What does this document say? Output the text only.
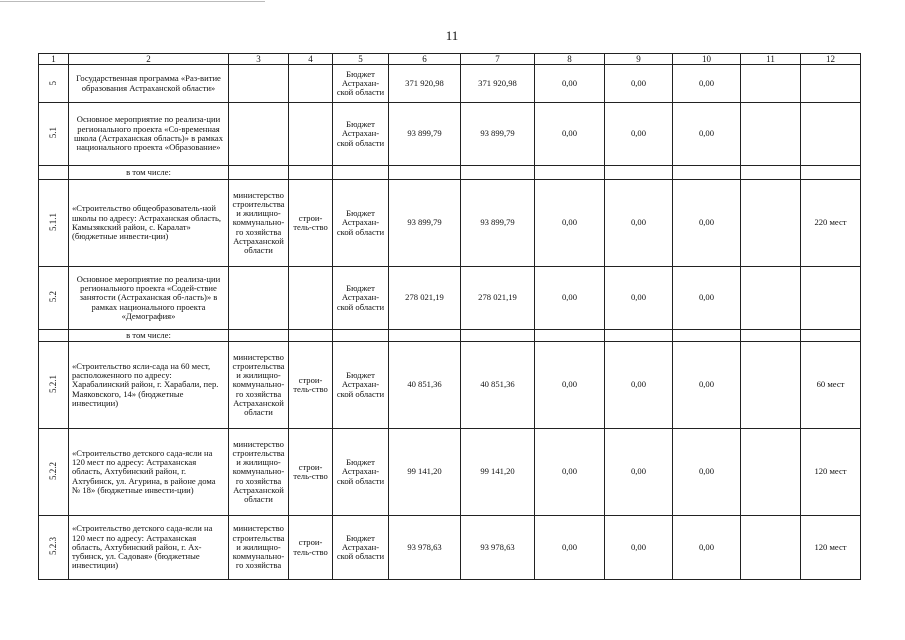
11
1	2	3	4	5	6	7	8	9	10	11	12
5	Государственная программа «Раз-витие образования Астраханской области»			Бюджет Астрахан-ской области	371 920,98	371 920,98	0,00	0,00	0,00		
5.1	Основное мероприятие по реализа-ции регионального проекта «Со-временная школа (Астраханская область)» в рамках национального проекта «Образование»			Бюджет Астрахан-ской области	93 899,79	93 899,79	0,00	0,00	0,00		
	в том числе:										
5.1.1	«Строительство общеобразователь-ной школы по адресу: Астраханская область, Камызякский район, с. Каралат» (бюджетные инвести-ции)	министерство строительства и жилищно-коммунально-го хозяйства Астраханской области	строи-тель-ство	Бюджет Астрахан-ской области	93 899,79	93 899,79	0,00	0,00	0,00		220 мест
5.2	Основное мероприятие по реализа-ции регионального проекта «Содей-ствие занятости (Астраханская об-ласть)» в рамках национального проекта «Демография»			Бюджет Астрахан-ской области	278 021,19	278 021,19	0,00	0,00	0,00		
	в том числе:										
5.2.1	«Строительство ясли-сада на 60 мест, расположенного по адресу: Харабалинский район, г. Харабали, пер. Маяковского, 14» (бюджетные инвестиции)	министерство строительства и жилищно-коммунально-го хозяйства Астраханской области	строи-тель-ство	Бюджет Астрахан-ской области	40 851,36	40 851,36	0,00	0,00	0,00		60 мест
5.2.2	«Строительство детского сада-ясли на 120 мест по адресу: Астраханская область, Ахтубинский район, г. Ахтубинск, ул. Агурина, в районе дома № 18» (бюджетные инвести-ции)	министерство строительства и жилищно-коммунально-го хозяйства Астраханской области	строи-тель-ство	Бюджет Астрахан-ской области	99 141,20	99 141,20	0,00	0,00	0,00		120 мест
5.2.3	«Строительство детского сада-ясли на 120 мест по адресу: Астраханская область, Ахтубинский район, г. Ах-тубинск, ул. Садовая» (бюджетные инвестиции)	министерство строительства и жилищно-коммунально-го хозяйства	строи-тель-ство	Бюджет Астрахан-ской области	93 978,63	93 978,63	0,00	0,00	0,00		120 мест
